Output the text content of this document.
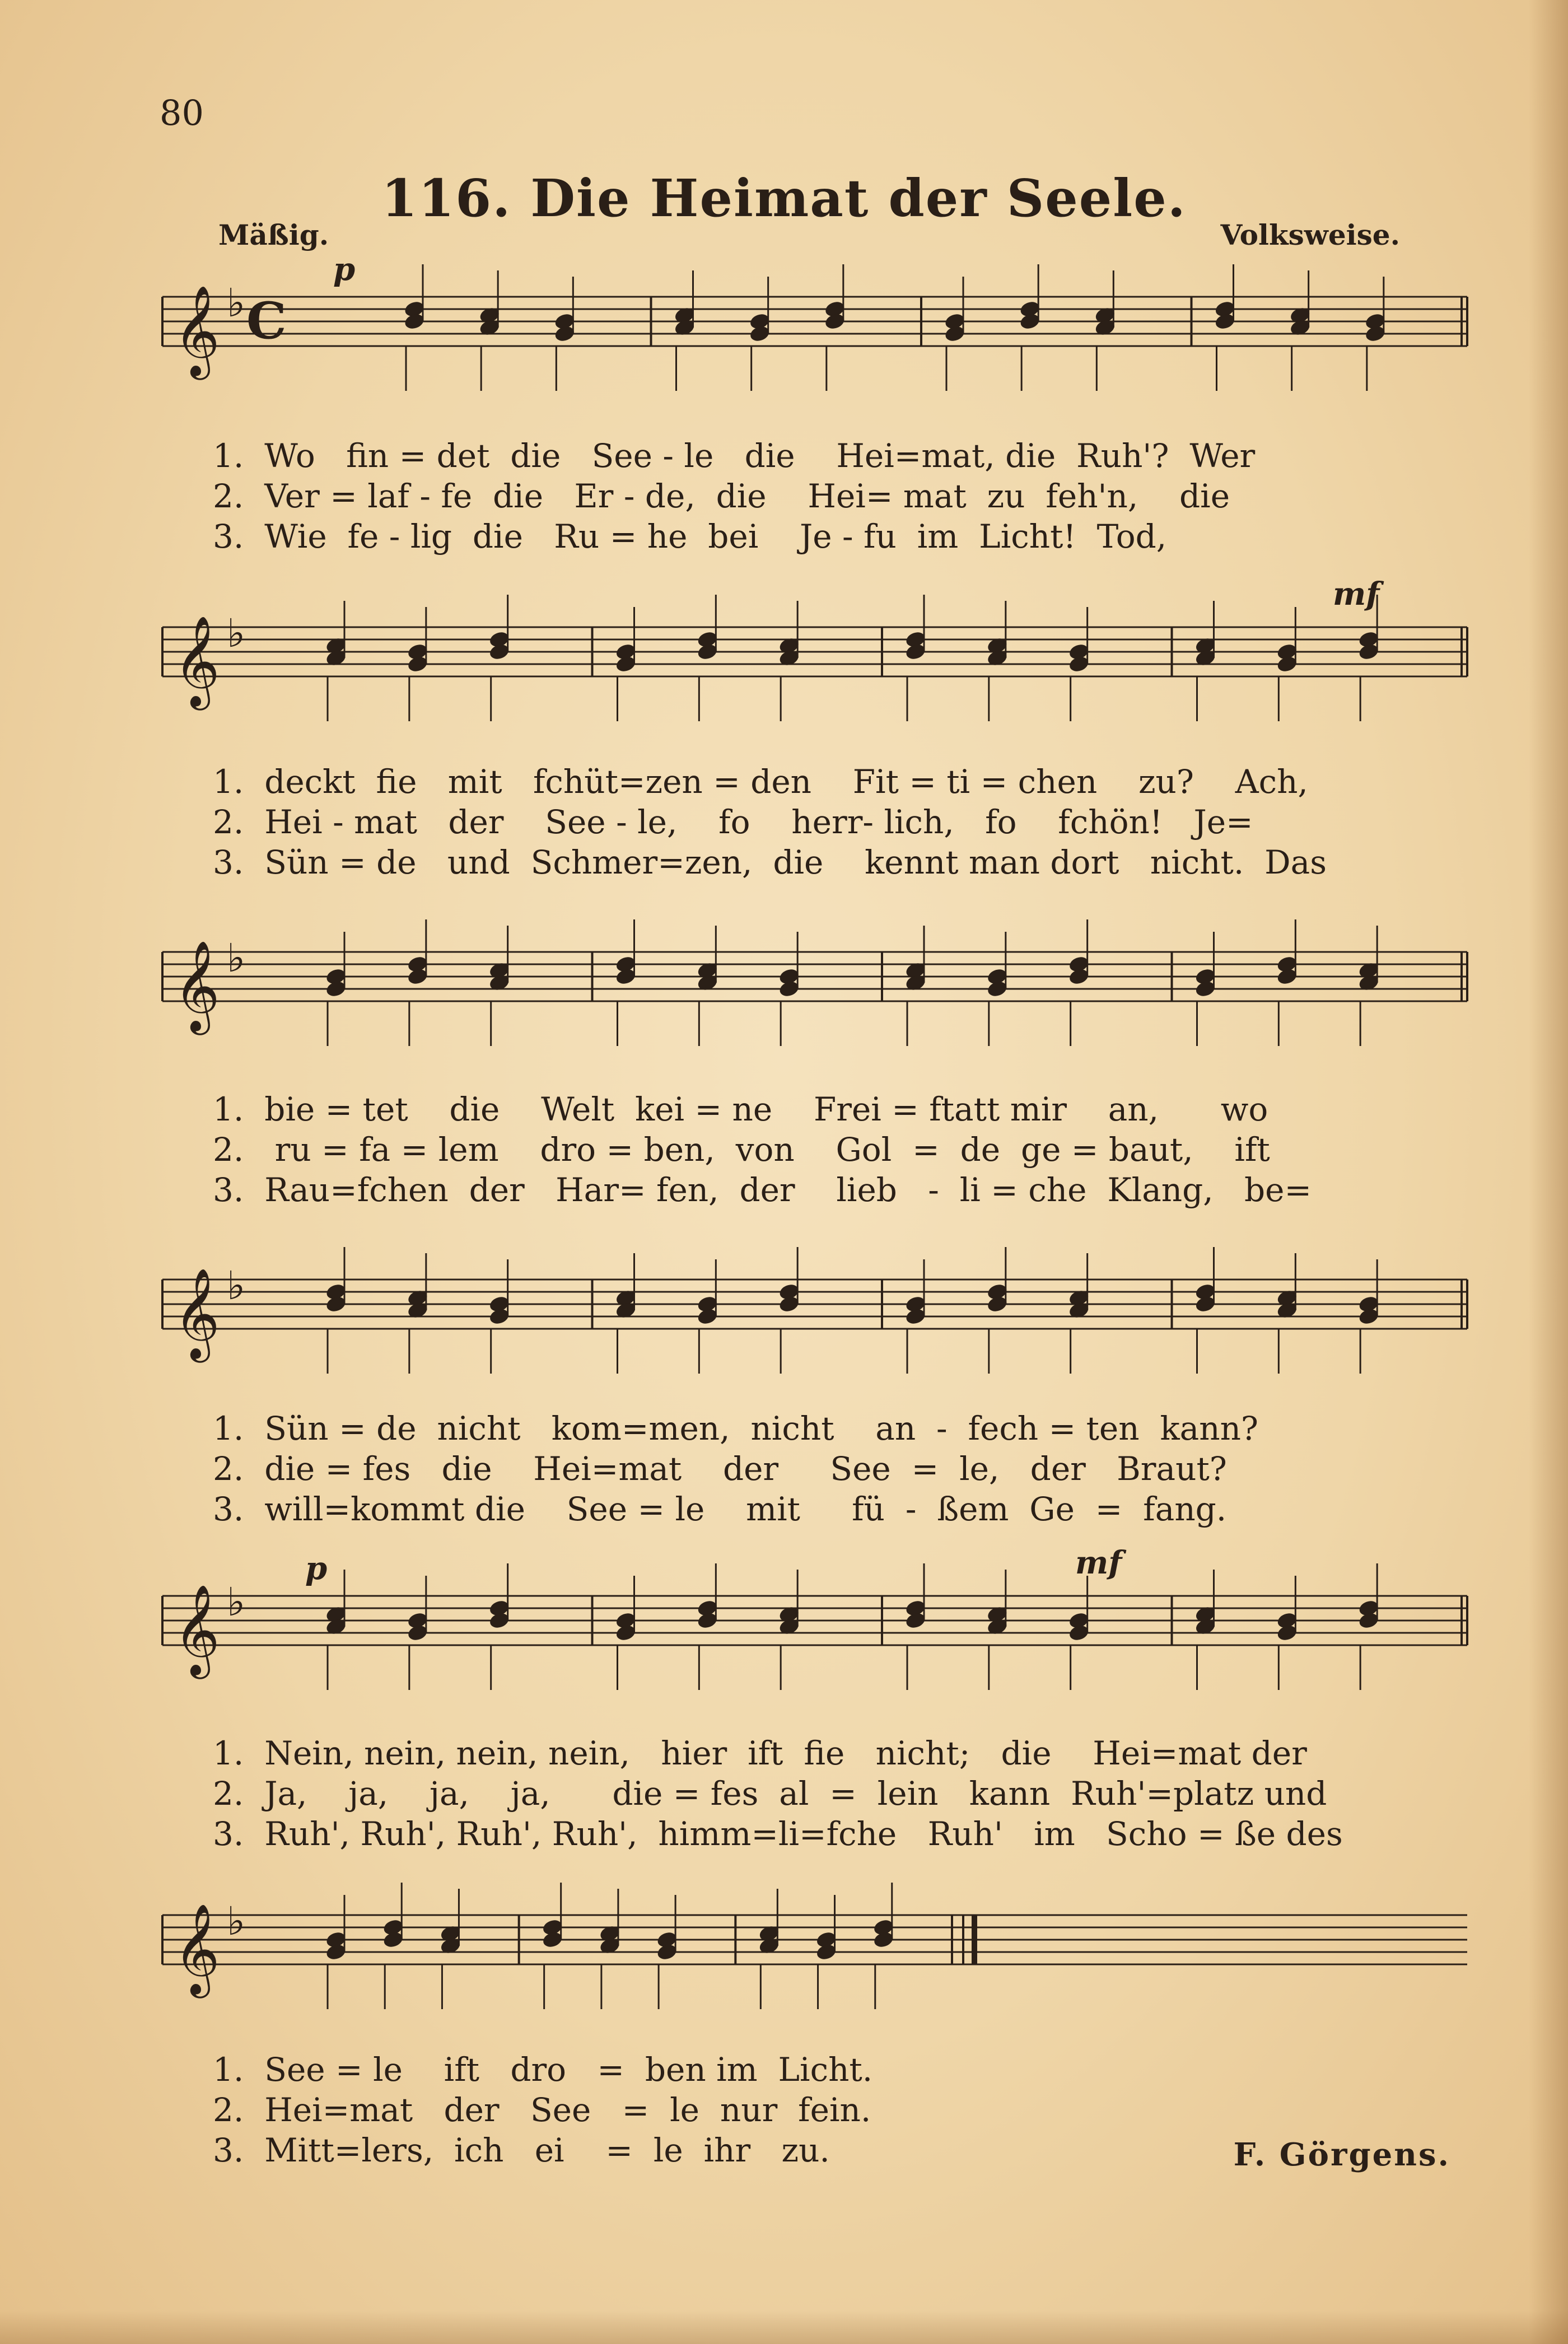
80
116. Die Heimat der Seele.
Mäßig.	Volksweise.
𝄞 ♭ C
p
1.  Wo   fin = det  die   See - le   die    Hei=mat, die  Ruh'?  Wer
2.  Ver = laf - fe  die   Er - de,  die    Hei= mat  zu  feh'n,    die
3.  Wie  fe - lig  die   Ru = he  bei    Je - fu  im  Licht!  Tod,
𝄞 ♭
mf
1.  deckt  fie   mit   fchüt=zen = den    Fit = ti = chen    zu?    Ach,
2.  Hei - mat   der    See - le,    fo    herr- lich,   fo    fchön!   Je=
3.  Sün = de   und  Schmer=zen,  die    kennt man dort   nicht.  Das
𝄞 ♭
1.  bie = tet    die    Welt  kei = ne    Frei = ftatt mir    an,      wo
2.   ru = fa = lem    dro = ben,  von    Gol  =  de  ge = baut,    ift
3.  Rau=fchen  der   Har= fen,  der    lieb   -  li = che  Klang,   be=
𝄞 ♭
1.  Sün = de  nicht   kom=men,  nicht    an  -  fech = ten  kann?
2.  die = fes   die    Hei=mat    der     See  =  le,   der   Braut?
3.  will=kommt die    See = le    mit     fü  -  ßem  Ge  =  fang.
𝄞 ♭
p	mf
1.  Nein, nein, nein, nein,   hier  ift  fie   nicht;   die    Hei=mat der
2.  Ja,    ja,    ja,    ja,      die = fes  al  =  lein   kann  Ruh'=platz und
3.  Ruh', Ruh', Ruh', Ruh',  himm=li=fche   Ruh'   im   Scho = ße des
𝄞 ♭
1.  See = le    ift   dro   =  ben im  Licht.
2.  Hei=mat   der   See   =  le  nur  fein.
3.  Mitt=lers,  ich   ei    =  le  ihr   zu.	F. Görgens.
